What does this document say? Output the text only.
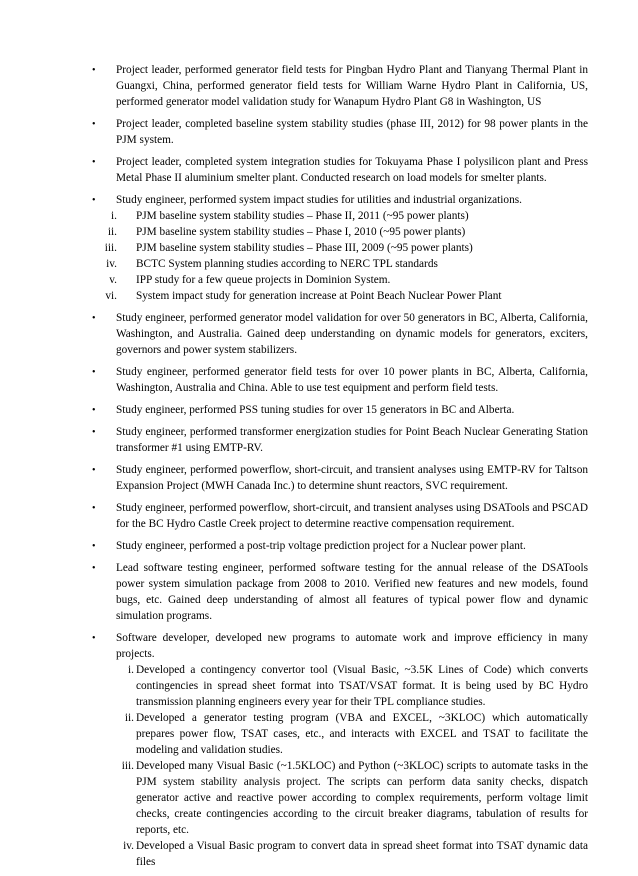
• Project leader, performed generator field tests for Pingban Hydro Plant and Tianyang Thermal Plant in Guangxi, China, performed generator field tests for William Warne Hydro Plant in California, US, performed generator model validation study for Wanapum Hydro Plant G8 in Washington, US
• Project leader, completed baseline system stability studies (phase III, 2012) for 98 power plants in the PJM system.
• Project leader, completed system integration studies for Tokuyama Phase I polysilicon plant and Press Metal Phase II aluminium smelter plant. Conducted research on load models for smelter plants.
• Study engineer, performed system impact studies for utilities and industrial organizations.
i. PJM baseline system stability studies – Phase II, 2011 (~95 power plants)
ii. PJM baseline system stability studies – Phase I, 2010 (~95 power plants)
iii. PJM baseline system stability studies – Phase III, 2009 (~95 power plants)
iv. BCTC System planning studies according to NERC TPL standards
v. IPP study for a few queue projects in Dominion System.
vi. System impact study for generation increase at Point Beach Nuclear Power Plant
• Study engineer, performed generator model validation for over 50 generators in BC, Alberta, California, Washington, and Australia. Gained deep understanding on dynamic models for generators, exciters, governors and power system stabilizers.
• Study engineer, performed generator field tests for over 10 power plants in BC, Alberta, California, Washington, Australia and China. Able to use test equipment and perform field tests.
• Study engineer, performed PSS tuning studies for over 15 generators in BC and Alberta.
• Study engineer, performed transformer energization studies for Point Beach Nuclear Generating Station transformer #1 using EMTP-RV.
• Study engineer, performed powerflow, short-circuit, and transient analyses using EMTP-RV for Taltson Expansion Project (MWH Canada Inc.) to determine shunt reactors, SVC requirement.
• Study engineer, performed powerflow, short-circuit, and transient analyses using DSATools and PSCAD for the BC Hydro Castle Creek project to determine reactive compensation requirement.
• Study engineer, performed a post-trip voltage prediction project for a Nuclear power plant.
• Lead software testing engineer, performed software testing for the annual release of the DSATools power system simulation package from 2008 to 2010. Verified new features and new models, found bugs, etc. Gained deep understanding of almost all features of typical power flow and dynamic simulation programs.
• Software developer, developed new programs to automate work and improve efficiency in many projects.
i. Developed a contingency convertor tool (Visual Basic, ~3.5K Lines of Code) which converts contingencies in spread sheet format into TSAT/VSAT format. It is being used by BC Hydro transmission planning engineers every year for their TPL compliance studies.
ii. Developed a generator testing program (VBA and EXCEL, ~3KLOC) which automatically prepares power flow, TSAT cases, etc., and interacts with EXCEL and TSAT to facilitate the modeling and validation studies.
iii. Developed many Visual Basic (~1.5KLOC) and Python (~3KLOC) scripts to automate tasks in the PJM system stability analysis project. The scripts can perform data sanity checks, dispatch generator active and reactive power according to complex requirements, perform voltage limit checks, create contingencies according to the circuit breaker diagrams, tabulation of results for reports, etc.
iv. Developed a Visual Basic program to convert data in spread sheet format into TSAT dynamic data files
